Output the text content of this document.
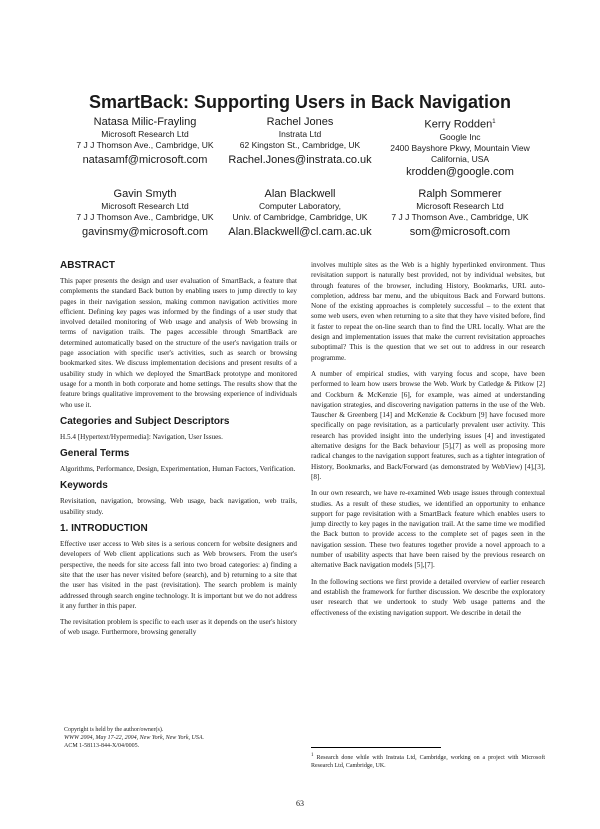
SmartBack: Supporting Users in Back Navigation
Natasa Milic-Frayling
Microsoft Research Ltd
7 J J Thomson Ave., Cambridge, UK
natasamf@microsoft.com
Rachel Jones
Instrata Ltd
62 Kingston St., Cambridge, UK
Rachel.Jones@instrata.co.uk
Kerry Rodden$^1$
Google Inc
2400 Bayshore Pkwy, Mountain View
California, USA
krodden@google.com
Gavin Smyth
Microsoft Research Ltd
7 J J Thomson Ave., Cambridge, UK
gavinsmy@microsoft.com
Alan Blackwell
Computer Laboratory,
Univ. of Cambridge, Cambridge, UK
Alan.Blackwell@cl.cam.ac.uk
Ralph Sommerer
Microsoft Research Ltd
7 J J Thomson Ave., Cambridge, UK
som@microsoft.com
ABSTRACT

This paper presents the design and user evaluation of SmartBack, a feature that complements the standard Back button by enabling users to jump directly to key pages in their navigation session, making common navigation activities more efficient. Defining key pages was informed by the findings of a user study that involved detailed monitoring of Web usage and analysis of Web browsing in terms of navigation trails. The pages accessible through SmartBack are determined automatically based on the structure of the user's navigation trails or page association with specific user's activities, such as search or browsing bookmarked sites. We discuss implementation decisions and present results of a usability study in which we deployed the SmartBack prototype and monitored usage for a month in both corporate and home settings. The results show that the feature brings qualitative improvement to the browsing experience of individuals who use it.

Categories and Subject Descriptors

H.5.4 [Hypertext/Hypermedia]: Navigation, User Issues.

General Terms

Algorithms, Performance, Design, Experimentation, Human Factors, Verification.

Keywords

Revisitation, navigation, browsing, Web usage, back navigation, web trails, usability study.

1. INTRODUCTION

Effective user access to Web sites is a serious concern for website designers and developers of Web client applications such as Web browsers. From the user's perspective, the needs for site access fall into two broad categories: a) finding a site that the user has never visited before (search), and b) returning to a site that the user has visited in the past (revisitation). The search problem is mainly addressed through search engine technology. It is important but we do not address it any further in this paper.

The revisitation problem is specific to each user as it depends on the user's history of web usage. Furthermore, browsing generally

Copyright is held by the author/owner(s).
WWW 2004, May 17-22, 2004, New York, New York, USA.
ACM 1-58113-844-X/04/0005.

involves multiple sites as the Web is a highly hyperlinked environment. Thus revisitation support is naturally best provided, not by individual websites, but through features of the browser, including History, Bookmarks, URL auto-completion, address bar menu, and the ubiquitous Back and Forward buttons. None of the existing approaches is completely successful – to the extent that some web users, even when returning to a site that they have visited before, find it faster to repeat the on-line search than to find the URL locally. What are the design and implementation issues that make the current revisitation approaches suboptimal? This is the question that we set out to address in our research programme.

A number of empirical studies, with varying focus and scope, have been performed to learn how users browse the Web. Work by Catledge & Pitkow [2] and Cockburn & McKenzie [6], for example, was aimed at understanding navigation strategies, and discovering navigation patterns in the use of the Web. Tauscher & Greenberg [14] and McKenzie & Cockburn [9] have focused more specifically on page revisitation, as a particularly prevalent user activity. This research has provided insight into the underlying issues [4] and investigated alternative designs for the Back behaviour [5],[7] as well as proposing more radical changes to the navigation support features, such as a tighter integration of History, Bookmarks, and Back/Forward (as demonstrated by WebView) [4],[3],[8].

In our own research, we have re-examined Web usage issues through contextual studies. As a result of these studies, we identified an opportunity to enhance support for page revisitation with a SmartBack feature which enables users to jump directly to key pages in the navigation trail. At the same time we modified the Back button to provide access to the complete set of pages seen in the navigation session. These two features together provide a novel approach to a number of usability aspects that have been raised by the previous research on alternative Back navigation models [5],[7].

In the following sections we first provide a detailed overview of earlier research and establish the framework for further discussion. We describe the exploratory user research that we undertook to study Web usage patterns and the effectiveness of the existing navigation support. We describe in detail the

$^1$ Research done while with Instrata Ltd, Cambridge, working on a project with Microsoft Research Ltd, Cambridge, UK.
63
